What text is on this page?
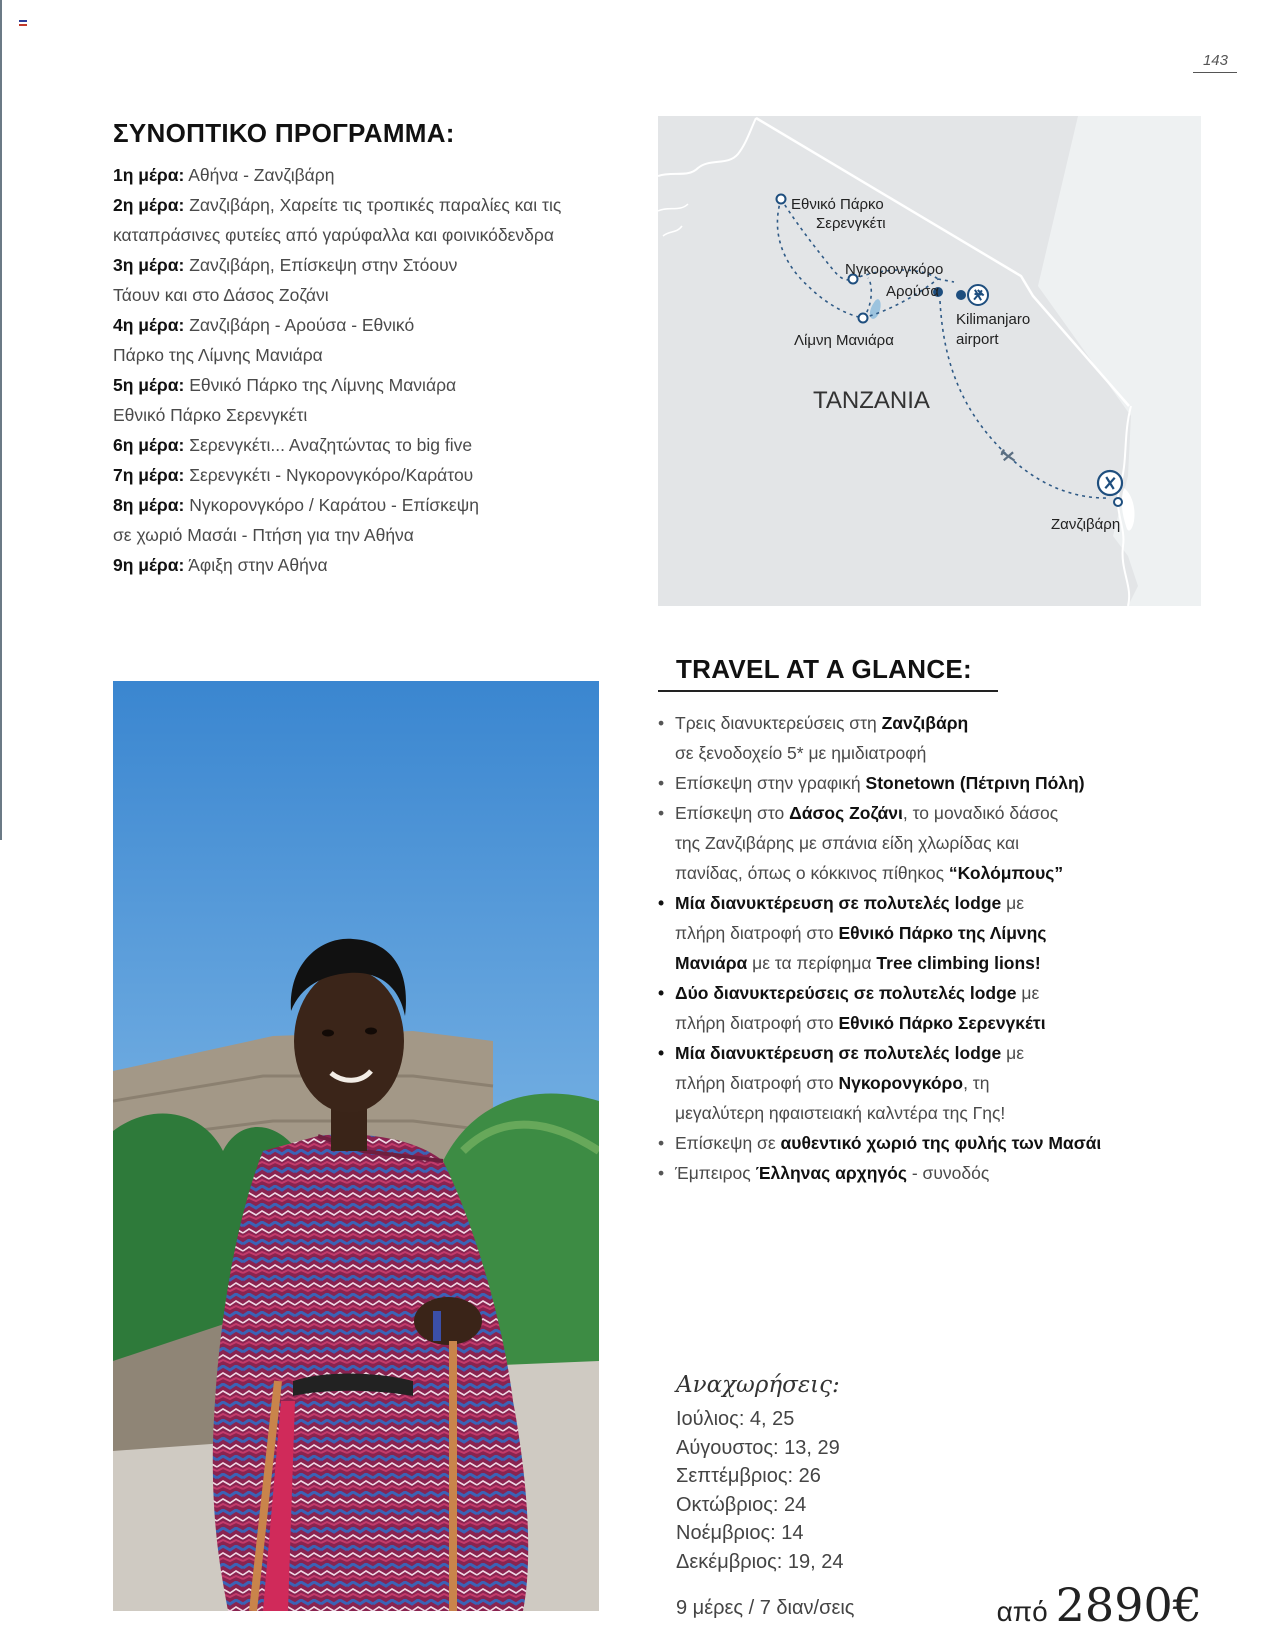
143
ΣΥΝΟΠΤΙΚΟ ΠΡΟΓΡΑΜΜΑ:
1η μέρα: Αθήνα - Ζανζιβάρη
2η μέρα: Ζανζιβάρη, Χαρείτε τις τροπικές παραλίες και τις
καταπράσινες φυτείες από γαρύφαλλα και φοινικόδενδρα
3η μέρα: Ζανζιβάρη, Επίσκεψη στην Στόουν
Τάουν και στο Δάσος Ζοζάνι
4η μέρα: Ζανζιβάρη - Αρούσα - Εθνικό
Πάρκο της Λίμνης Μανιάρα
5η μέρα: Εθνικό Πάρκο της Λίμνης Μανιάρα
Εθνικό Πάρκο Σερενγκέτι
6η μέρα: Σερενγκέτι... Αναζητώντας το big five
7η μέρα: Σερενγκέτι - Νγκορονγκόρο/Καράτου
8η μέρα: Νγκορονγκόρο / Καράτου - Επίσκεψη
σε χωριό Μασάι - Πτήση για την Αθήνα
9η μέρα: Άφιξη στην Αθήνα
Εθνικό Πάρκο
Σερενγκέτι
Νγκορονγκόρο
Αρούσα
Kilimanjaro
airport
Λίμνη Μανιάρα
Ζανζιβάρη
TANZANIA
TRAVEL AT A GLANCE:
• Τρεις διανυκτερεύσεις στη Ζανζιβάρη
σε ξενοδοχείο 5* με ημιδιατροφή
• Επίσκεψη στην γραφική Stonetown (Πέτρινη Πόλη)
• Επίσκεψη στο Δάσος Ζοζάνι, το μοναδικό δάσος
της Ζανζιβάρης με σπάνια είδη χλωρίδας και
πανίδας, όπως ο κόκκινος πίθηκος “Κολόμπους”
• Μία διανυκτέρευση σε πολυτελές lodge με
πλήρη διατροφή στο Εθνικό Πάρκο της Λίμνης
Μανιάρα με τα περίφημα Tree climbing lions!
• Δύο διανυκτερεύσεις σε πολυτελές lodge με
πλήρη διατροφή στο Εθνικό Πάρκο Σερενγκέτι
• Μία διανυκτέρευση σε πολυτελές lodge με
πλήρη διατροφή στο Νγκορονγκόρο, τη
μεγαλύτερη ηφαιστειακή καλντέρα της Γης!
• Επίσκεψη σε αυθεντικό χωριό της φυλής των Μασάι
• Έμπειρος Έλληνας αρχηγός - συνοδός
Αναχωρήσεις:
Ιούλιος: 4, 25
Αύγουστος: 13, 29
Σεπτέμβριος: 26
Οκτώβριος: 24
Νοέμβριος: 14
Δεκέμβριος: 19, 24
9 μέρες / 7 διαν/σεις	από 2890€
